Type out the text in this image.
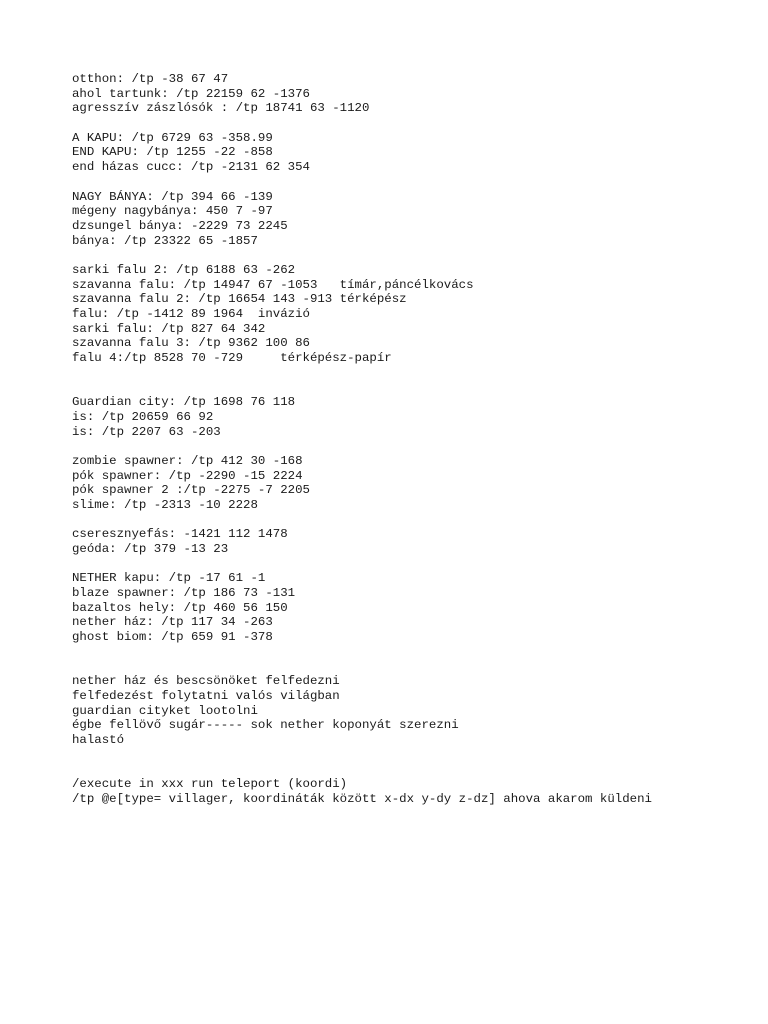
otthon: /tp -38 67 47
ahol tartunk: /tp 22159 62 -1376
agresszív zászlósók : /tp 18741 63 -1120
A KAPU: /tp 6729 63 -358.99
END KAPU: /tp 1255 -22 -858
end házas cucc: /tp -2131 62 354
NAGY BÁNYA: /tp 394 66 -139
mégeny nagybánya: 450 7 -97
dzsungel bánya: -2229 73 2245
bánya: /tp 23322 65 -1857
sarki falu 2: /tp 6188 63 -262
szavanna falu: /tp 14947 67 -1053   tímár,páncélkovács
szavanna falu 2: /tp 16654 143 -913 térképész
falu: /tp -1412 89 1964  invázió
sarki falu: /tp 827 64 342
szavanna falu 3: /tp 9362 100 86
falu 4:/tp 8528 70 -729     térképész-papír
Guardian city: /tp 1698 76 118
is: /tp 20659 66 92
is: /tp 2207 63 -203
zombie spawner: /tp 412 30 -168
pók spawner: /tp -2290 -15 2224
pók spawner 2 :/tp -2275 -7 2205
slime: /tp -2313 -10 2228
cseresznyefás: -1421 112 1478
geóda: /tp 379 -13 23
NETHER kapu: /tp -17 61 -1
blaze spawner: /tp 186 73 -131
bazaltos hely: /tp 460 56 150
nether ház: /tp 117 34 -263
ghost biom: /tp 659 91 -378
nether ház és bescsönöket felfedezni
felfedezést folytatni valós világban
guardian cityket lootolni
égbe fellövő sugár----- sok nether koponyát szerezni
halastó
/execute in xxx run teleport (koordi)
/tp @e[type= villager, koordináták között x-dx y-dy z-dz] ahova akarom küldeni
